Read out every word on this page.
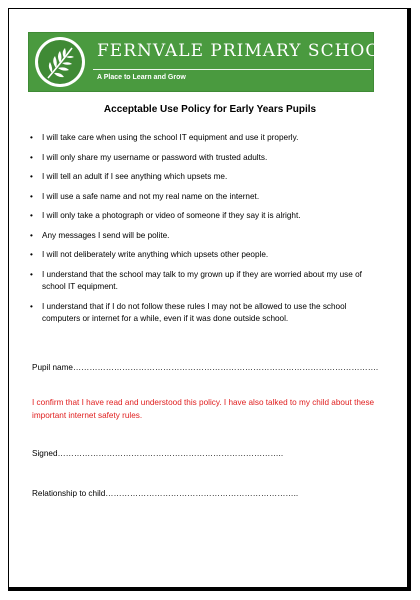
FERNVALE PRIMARY SCHOOL
A Place to Learn and Grow
Acceptable Use Policy for Early Years Pupils
• I will take care when using the school IT equipment and use it properly.
• I will only share my username or password with trusted adults.
• I will tell an adult if I see anything which upsets me.
• I will use a safe name and not my real name on the internet.
• I will only take a photograph or video of someone if they say it is alright.
• Any messages I send will be polite.
• I will not deliberately write anything which upsets other people.
• I understand that the school may talk to my grown up if they are worried about my use of school IT equipment.
• I understand that if I do not follow these rules I may not be allowed to use the school computers or internet for a while, even if it was done outside school.
Pupil name………………………………………………………………………………………………….
I confirm that I have read and understood this policy. I have also talked to my child about these important internet safety rules.
Signed………………………………………………………………………..
Relationship to child……………………………………………………………..
